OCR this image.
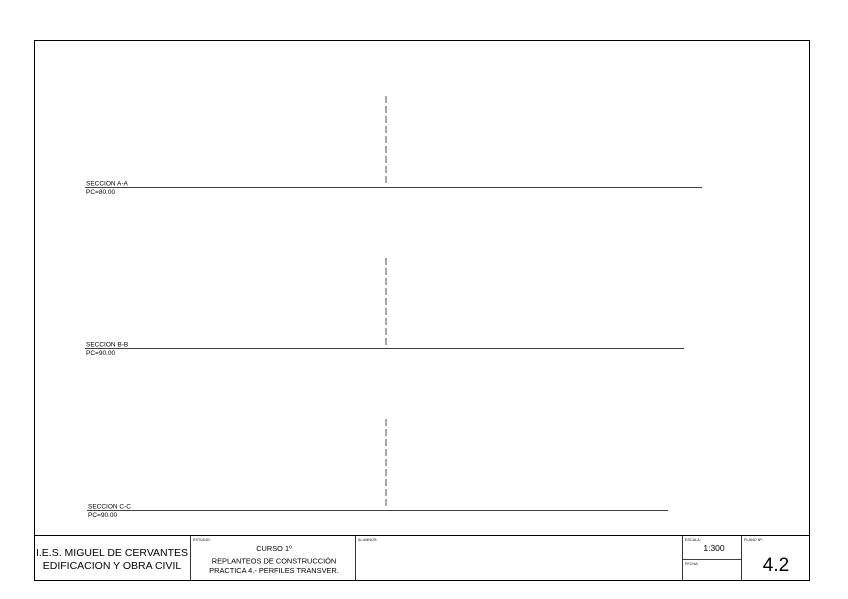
SECCION A-A
PC=80.00
SECCION B-B
PC=90.00
SECCION C-C
PC=90.00
I.E.S. MIGUEL DE CERVANTES
EDIFICACION Y OBRA CIVIL
ESTUDIO:
CURSO 1º
REPLANTEOS DE CONSTRUCCIÓN
PRACTICA 4.- PERFILES TRANSVER.
ALUMNOS:	ESCALA:
1:300
FECHA:
PLANO Nº:
4.2
